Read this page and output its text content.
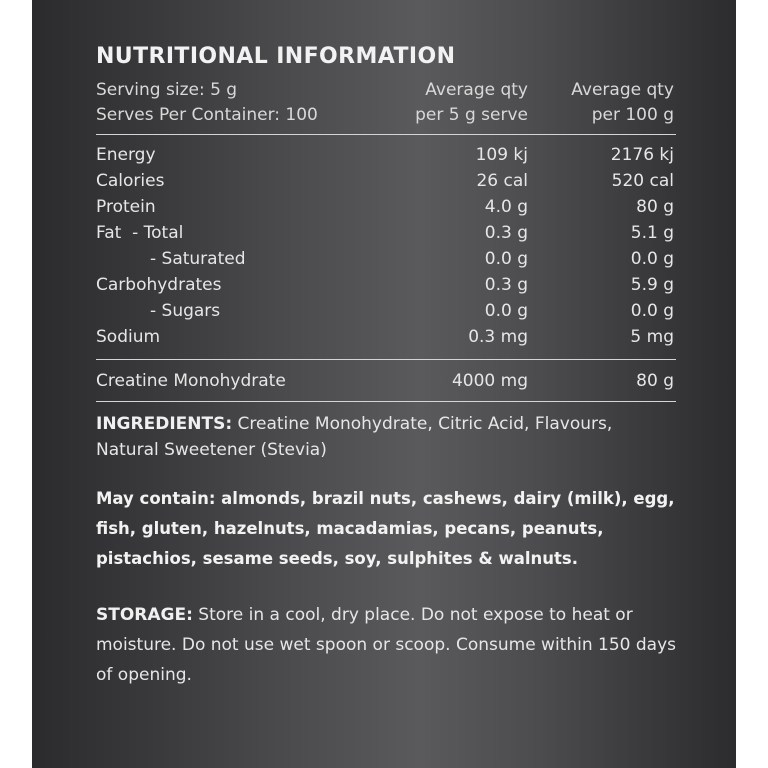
NUTRITIONAL INFORMATION
Serving size: 5 g	Average qty	Average qty
Serves Per Container: 100	per 5 g serve	per 100 g
Energy	109 kj	2176 kj
Calories	26 cal	520 cal
Protein	4.0 g	80 g
Fat  - Total	0.3 g	5.1 g
- Saturated	0.0 g	0.0 g
Carbohydrates	0.3 g	5.9 g
- Sugars	0.0 g	0.0 g
Sodium	0.3 mg	5 mg
Creatine Monohydrate	4000 mg	80 g
INGREDIENTS: Creatine Monohydrate, Citric Acid, Flavours, Natural Sweetener (Stevia)
May contain: almonds, brazil nuts, cashews, dairy (milk), egg, fish, gluten, hazelnuts, macadamias, pecans, peanuts, pistachios, sesame seeds, soy, sulphites & walnuts.
STORAGE: Store in a cool, dry place. Do not expose to heat or moisture. Do not use wet spoon or scoop. Consume within 150 days of opening.
